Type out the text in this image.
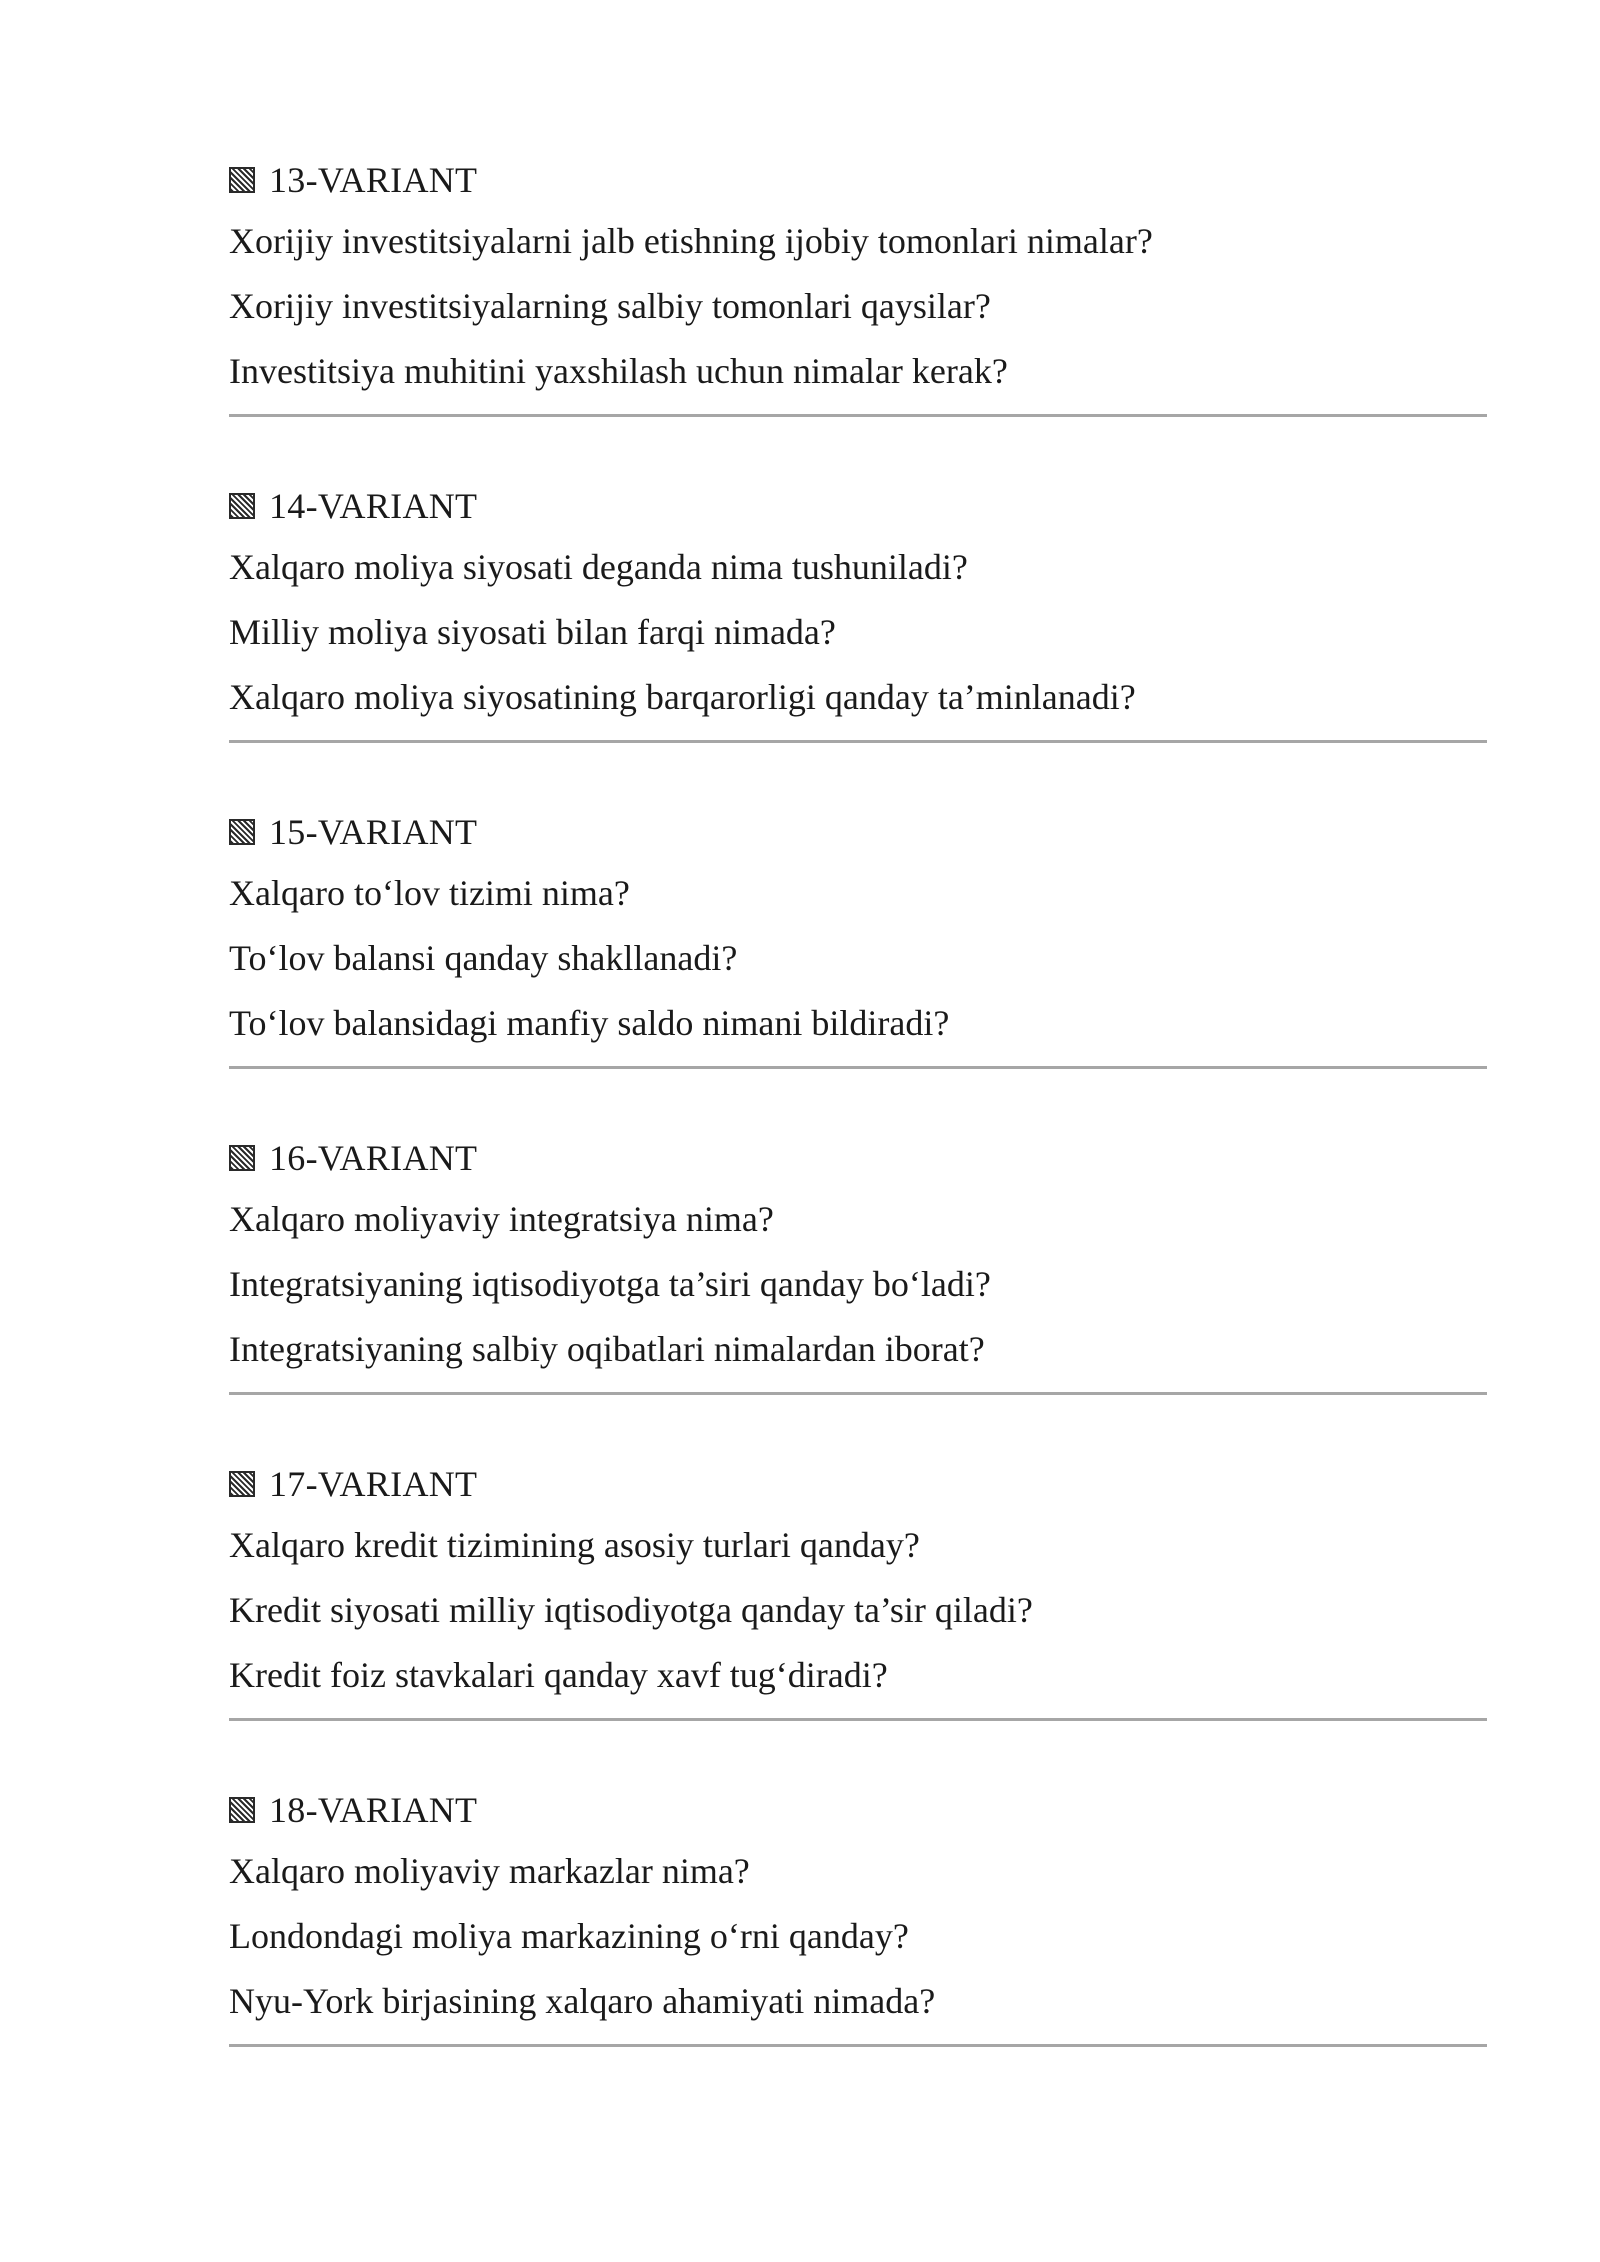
13-VARIANT
Xorijiy investitsiyalarni jalb etishning ijobiy tomonlari nimalar?
Xorijiy investitsiyalarning salbiy tomonlari qaysilar?
Investitsiya muhitini yaxshilash uchun nimalar kerak?
14-VARIANT
Xalqaro moliya siyosati deganda nima tushuniladi?
Milliy moliya siyosati bilan farqi nimada?
Xalqaro moliya siyosatining barqarorligi qanday ta’minlanadi?
15-VARIANT
Xalqaro to‘lov tizimi nima?
To‘lov balansi qanday shakllanadi?
To‘lov balansidagi manfiy saldo nimani bildiradi?
16-VARIANT
Xalqaro moliyaviy integratsiya nima?
Integratsiyaning iqtisodiyotga ta’siri qanday bo‘ladi?
Integratsiyaning salbiy oqibatlari nimalardan iborat?
17-VARIANT
Xalqaro kredit tizimining asosiy turlari qanday?
Kredit siyosati milliy iqtisodiyotga qanday ta’sir qiladi?
Kredit foiz stavkalari qanday xavf tug‘diradi?
18-VARIANT
Xalqaro moliyaviy markazlar nima?
Londondagi moliya markazining o‘rni qanday?
Nyu-York birjasining xalqaro ahamiyati nimada?
